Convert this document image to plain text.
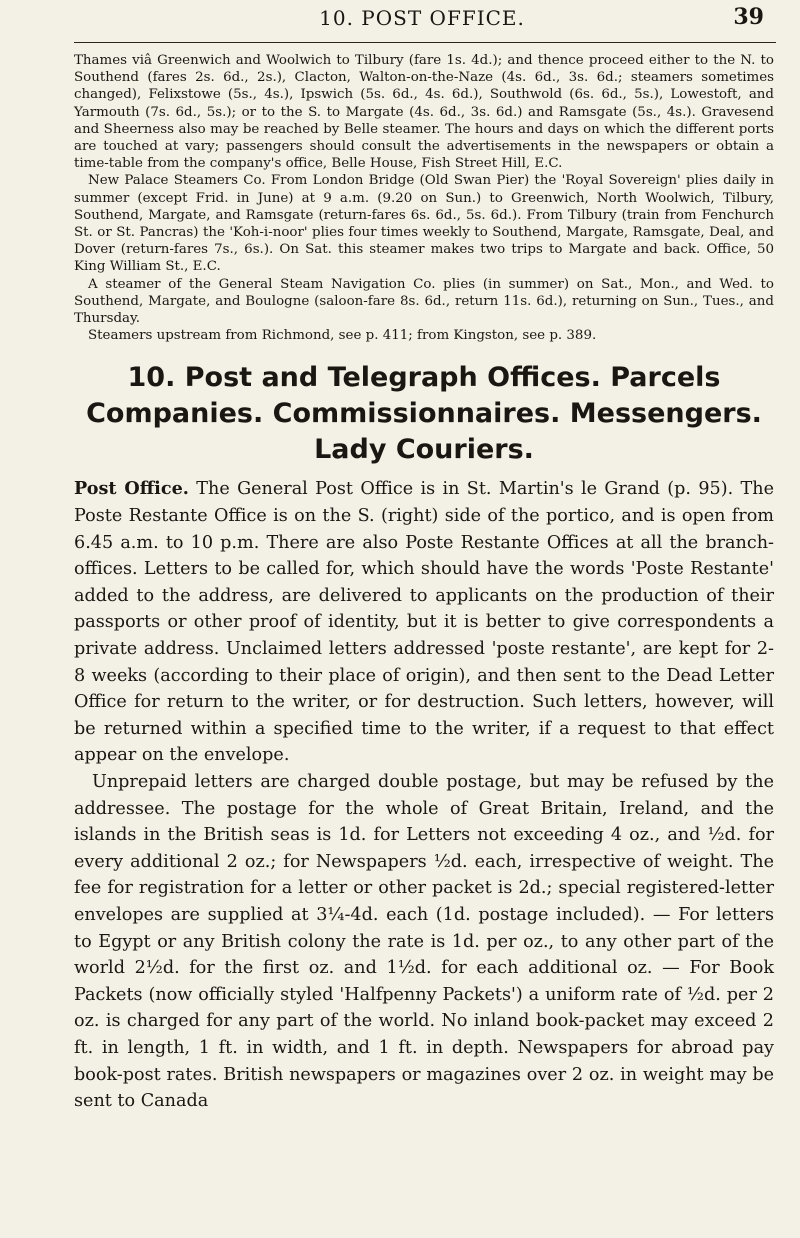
10. POST OFFICE.	39

Thames viâ Greenwich and Woolwich to Tilbury (fare 1s. 4d.); and thence proceed either to the N. to Southend (fares 2s. 6d., 2s.), Clacton, Walton-on-the-Naze (4s. 6d., 3s. 6d.; steamers sometimes changed), Felixstowe (5s., 4s.), Ipswich (5s. 6d., 4s. 6d.), Southwold (6s. 6d., 5s.), Lowestoft, and Yarmouth (7s. 6d., 5s.); or to the S. to Margate (4s. 6d., 3s. 6d.) and Ramsgate (5s., 4s.). Gravesend and Sheerness also may be reached by Belle steamer. The hours and days on which the different ports are touched at vary; passengers should consult the advertisements in the newspapers or obtain a time-table from the company's office, Belle House, Fish Street Hill, E.C.

New Palace Steamers Co. From London Bridge (Old Swan Pier) the 'Royal Sovereign' plies daily in summer (except Frid. in June) at 9 a.m. (9.20 on Sun.) to Greenwich, North Woolwich, Tilbury, Southend, Margate, and Ramsgate (return-fares 6s. 6d., 5s. 6d.). From Tilbury (train from Fenchurch St. or St. Pancras) the 'Koh-i-noor' plies four times weekly to Southend, Margate, Ramsgate, Deal, and Dover (return-fares 7s., 6s.). On Sat. this steamer makes two trips to Margate and back. Office, 50 King William St., E.C.

A steamer of the General Steam Navigation Co. plies (in summer) on Sat., Mon., and Wed. to Southend, Margate, and Boulogne (saloon-fare 8s. 6d., return 11s. 6d.), returning on Sun., Tues., and Thursday.

Steamers upstream from Richmond, see p. 411; from Kingston, see p. 389.

10. Post and Telegraph Offices. Parcels Companies. Commissionnaires. Messengers. Lady Couriers.

Post Office. The General Post Office is in St. Martin's le Grand (p. 95). The Poste Restante Office is on the S. (right) side of the portico, and is open from 6.45 a.m. to 10 p.m. There are also Poste Restante Offices at all the branch-offices. Letters to be called for, which should have the words 'Poste Restante' added to the address, are delivered to applicants on the production of their passports or other proof of identity, but it is better to give correspondents a private address. Unclaimed letters addressed 'poste restante', are kept for 2-8 weeks (according to their place of origin), and then sent to the Dead Letter Office for return to the writer, or for destruction. Such letters, however, will be returned within a specified time to the writer, if a request to that effect appear on the envelope.

Unprepaid letters are charged double postage, but may be refused by the addressee. The postage for the whole of Great Britain, Ireland, and the islands in the British seas is 1d. for Letters not exceeding 4 oz., and ½d. for every additional 2 oz.; for Newspapers ½d. each, irrespective of weight. The fee for registration for a letter or other packet is 2d.; special registered-letter envelopes are supplied at 3¼-4d. each (1d. postage included). — For letters to Egypt or any British colony the rate is 1d. per oz., to any other part of the world 2½d. for the first oz. and 1½d. for each additional oz. — For Book Packets (now officially styled 'Halfpenny Packets') a uniform rate of ½d. per 2 oz. is charged for any part of the world. No inland book-packet may exceed 2 ft. in length, 1 ft. in width, and 1 ft. in depth. Newspapers for abroad pay book-post rates. British newspapers or magazines over 2 oz. in weight may be sent to Canada
